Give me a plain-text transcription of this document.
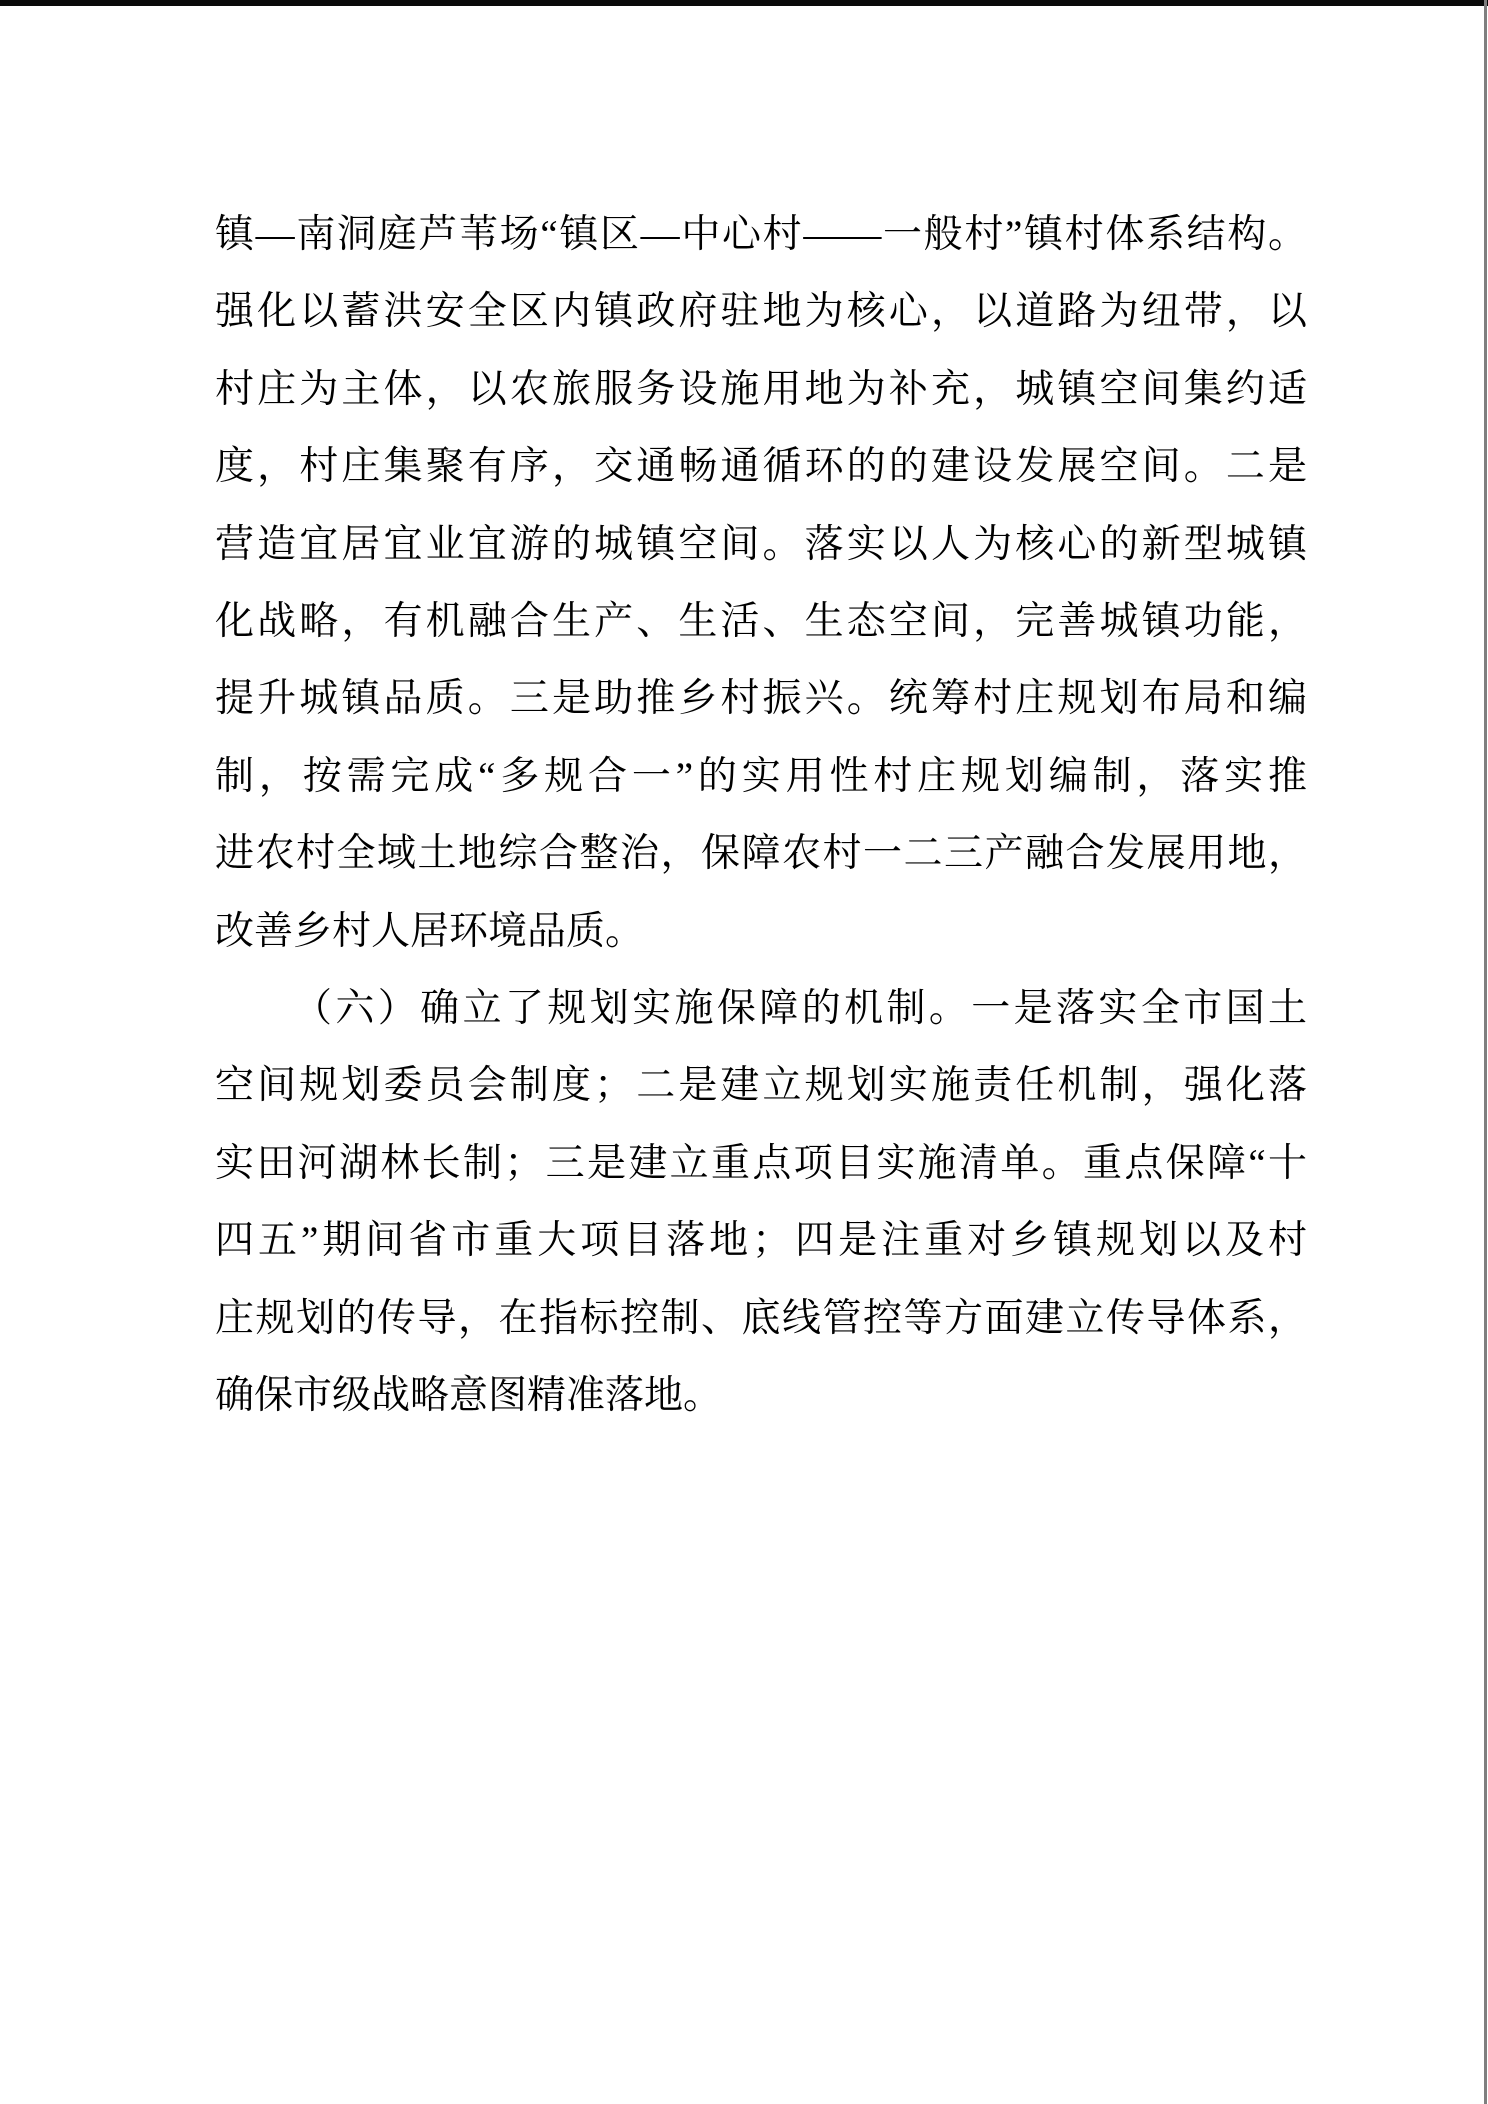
镇—南洞庭芦苇场“镇区—中心村——一般村”镇村体系结构。
强化以蓄洪安全区内镇政府驻地为核心，以道路为纽带，以
村庄为主体，以农旅服务设施用地为补充，城镇空间集约适
度，村庄集聚有序，交通畅通循环的的建设发展空间。二是
营造宜居宜业宜游的城镇空间。落实以人为核心的新型城镇
化战略，有机融合生产、生活、生态空间，完善城镇功能，
提升城镇品质。三是助推乡村振兴。统筹村庄规划布局和编
制，按需完成“多规合一”的实用性村庄规划编制，落实推
进农村全域土地综合整治，保障农村一二三产融合发展用地，
改善乡村人居环境品质。
（六）确立了规划实施保障的机制。一是落实全市国土
空间规划委员会制度；二是建立规划实施责任机制，强化落
实田河湖林长制；三是建立重点项目实施清单。重点保障“十
四五”期间省市重大项目落地；四是注重对乡镇规划以及村
庄规划的传导，在指标控制、底线管控等方面建立传导体系，
确保市级战略意图精准落地。
